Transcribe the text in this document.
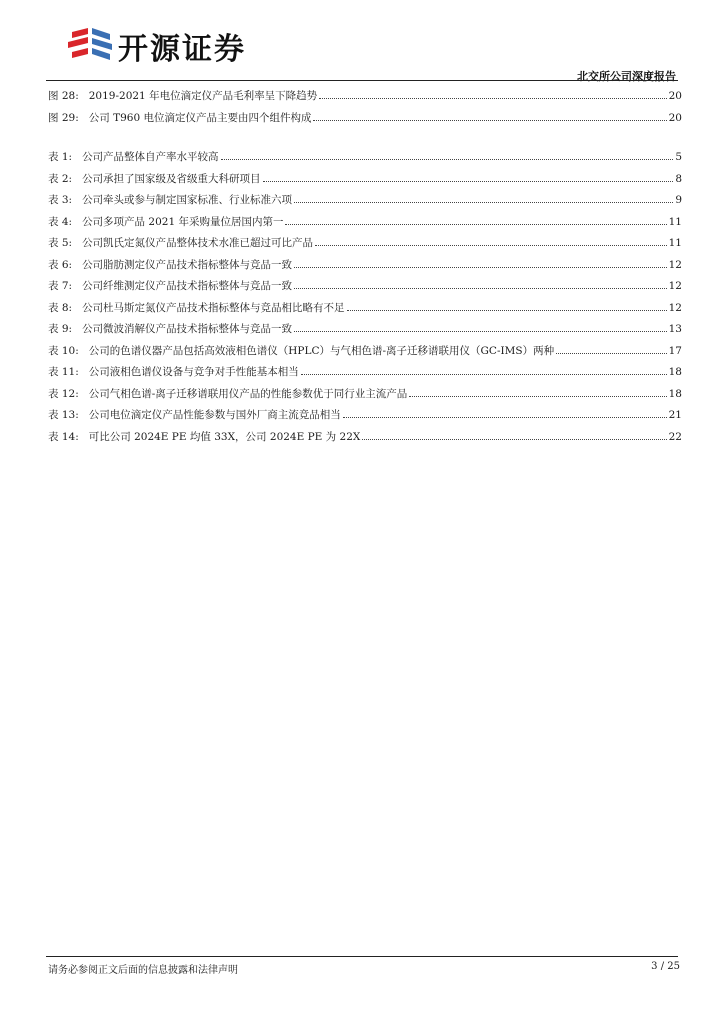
开源证券
北交所公司深度报告
图 28: 2019-2021 年电位滴定仪产品毛利率呈下降趋势	20
图 29: 公司 T960 电位滴定仪产品主要由四个组件构成	20
表 1: 公司产品整体自产率水平较高	5
表 2: 公司承担了国家级及省级重大科研项目	8
表 3: 公司牵头或参与制定国家标准、行业标准六项	9
表 4: 公司多项产品 2021 年采购量位居国内第一	11
表 5: 公司凯氏定氮仪产品整体技术水准已超过可比产品	11
表 6: 公司脂肪测定仪产品技术指标整体与竞品一致	12
表 7: 公司纤维测定仪产品技术指标整体与竞品一致	12
表 8: 公司杜马斯定氮仪产品技术指标整体与竞品相比略有不足	12
表 9: 公司微波消解仪产品技术指标整体与竞品一致	13
表 10: 公司的色谱仪器产品包括高效液相色谱仪（HPLC）与气相色谱-离子迁移谱联用仪（GC-IMS）两种	17
表 11: 公司液相色谱仪设备与竞争对手性能基本相当	18
表 12: 公司气相色谱-离子迁移谱联用仪产品的性能参数优于同行业主流产品	18
表 13: 公司电位滴定仪产品性能参数与国外厂商主流竞品相当	21
表 14: 可比公司 2024E PE 均值 33X，公司 2024E PE 为 22X	22
请务必参阅正文后面的信息披露和法律声明	3 / 25
